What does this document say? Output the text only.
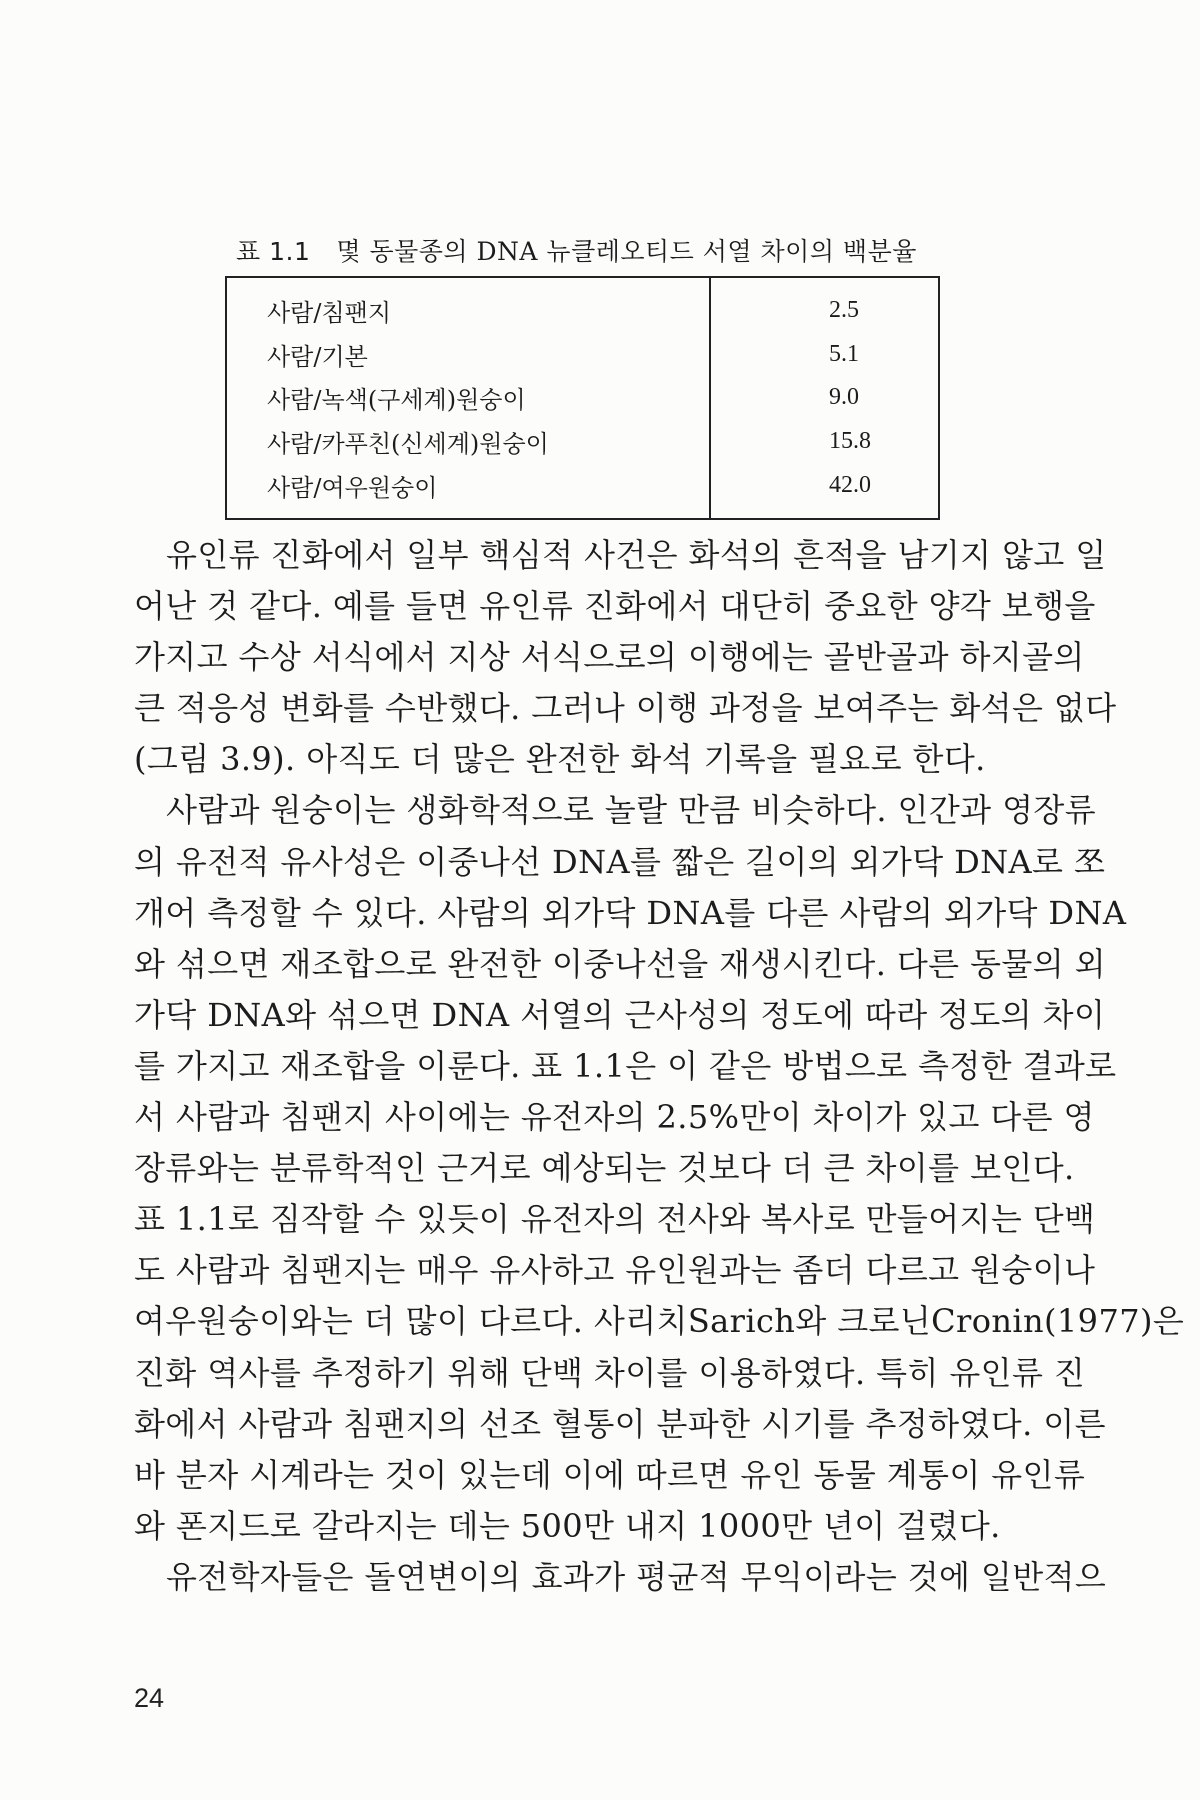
표 1.1 몇 동물종의 DNA 뉴클레오티드 서열 차이의 백분율
사람/침팬지	2.5
사람/기본	5.1
사람/녹색(구세계)원숭이	9.0
사람/카푸친(신세계)원숭이	15.8
사람/여우원숭이	42.0
유인류 진화에서 일부 핵심적 사건은 화석의 흔적을 남기지 않고 일
어난 것 같다. 예를 들면 유인류 진화에서 대단히 중요한 양각 보행을
가지고 수상 서식에서 지상 서식으로의 이행에는 골반골과 하지골의
큰 적응성 변화를 수반했다. 그러나 이행 과정을 보여주는 화석은 없다
(그림 3.9). 아직도 더 많은 완전한 화석 기록을 필요로 한다.
사람과 원숭이는 생화학적으로 놀랄 만큼 비슷하다. 인간과 영장류
의 유전적 유사성은 이중나선 DNA를 짧은 길이의 외가닥 DNA로 쪼
개어 측정할 수 있다. 사람의 외가닥 DNA를 다른 사람의 외가닥 DNA
와 섞으면 재조합으로 완전한 이중나선을 재생시킨다. 다른 동물의 외
가닥 DNA와 섞으면 DNA 서열의 근사성의 정도에 따라 정도의 차이
를 가지고 재조합을 이룬다. 표 1.1은 이 같은 방법으로 측정한 결과로
서 사람과 침팬지 사이에는 유전자의 2.5%만이 차이가 있고 다른 영
장류와는 분류학적인 근거로 예상되는 것보다 더 큰 차이를 보인다.
표 1.1로 짐작할 수 있듯이 유전자의 전사와 복사로 만들어지는 단백
도 사람과 침팬지는 매우 유사하고 유인원과는 좀더 다르고 원숭이나
여우원숭이와는 더 많이 다르다. 사리치Sarich와 크로닌Cronin(1977)은
진화 역사를 추정하기 위해 단백 차이를 이용하였다. 특히 유인류 진
화에서 사람과 침팬지의 선조 혈통이 분파한 시기를 추정하였다. 이른
바 분자 시계라는 것이 있는데 이에 따르면 유인 동물 계통이 유인류
와 폰지드로 갈라지는 데는 500만 내지 1000만 년이 걸렸다.
유전학자들은 돌연변이의 효과가 평균적 무익이라는 것에 일반적으
24
